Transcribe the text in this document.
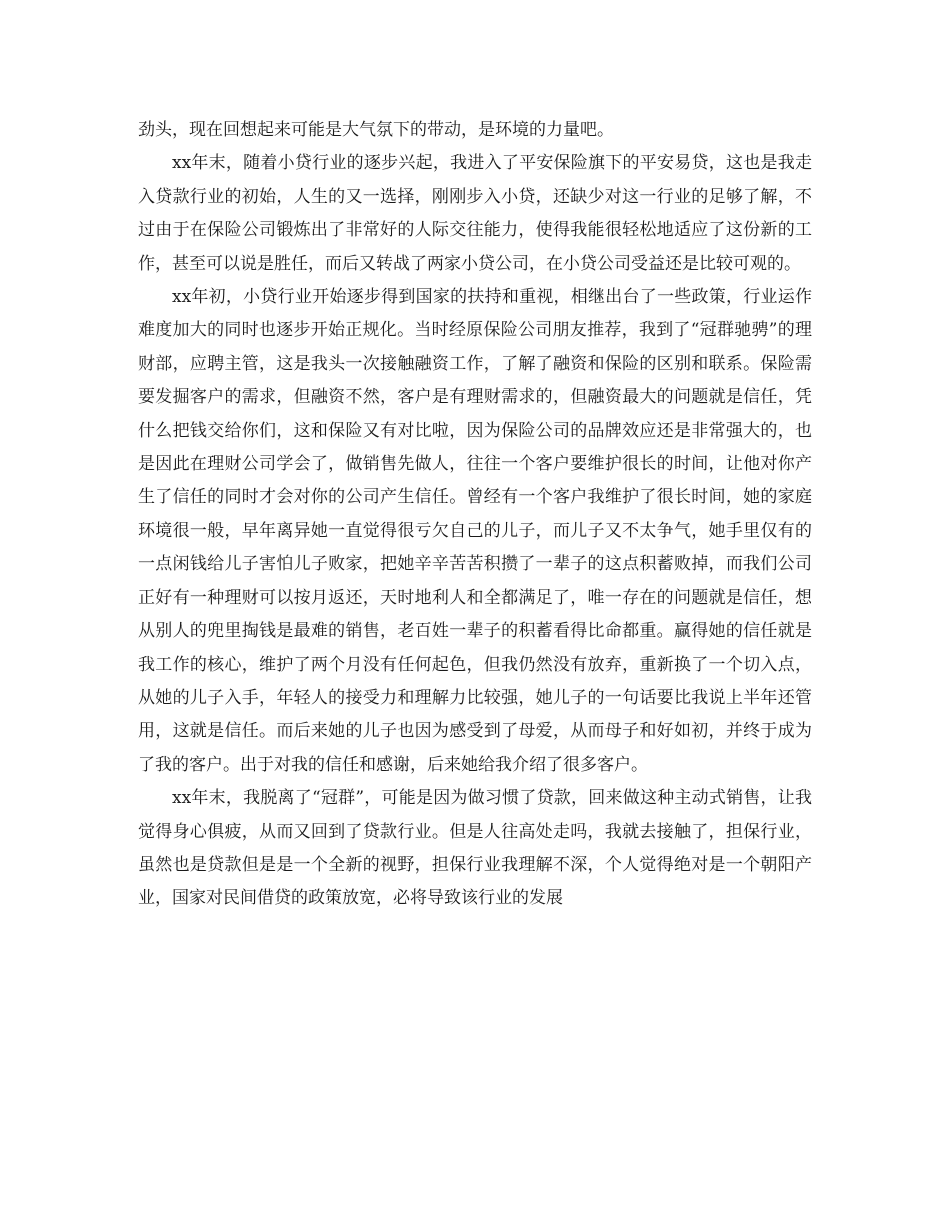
劲头，现在回想起来可能是大气氛下的带动，是环境的力量吧。

xx年末，随着小贷行业的逐步兴起，我进入了平安保险旗下的平安易贷，这也是我走入贷款行业的初始，人生的又一选择，刚刚步入小贷，还缺少对这一行业的足够了解，不过由于在保险公司锻炼出了非常好的人际交往能力，使得我能很轻松地适应了这份新的工作，甚至可以说是胜任，而后又转战了两家小贷公司，在小贷公司受益还是比较可观的。

xx年初，小贷行业开始逐步得到国家的扶持和重视，相继出台了一些政策，行业运作难度加大的同时也逐步开始正规化。当时经原保险公司朋友推荐，我到了“冠群驰骋”的理财部，应聘主管，这是我头一次接触融资工作，了解了融资和保险的区别和联系。保险需要发掘客户的需求，但融资不然，客户是有理财需求的，但融资最大的问题就是信任，凭什么把钱交给你们，这和保险又有对比啦，因为保险公司的品牌效应还是非常强大的，也是因此在理财公司学会了，做销售先做人，往往一个客户要维护很长的时间，让他对你产生了信任的同时才会对你的公司产生信任。曾经有一个客户我维护了很长时间，她的家庭环境很一般，早年离异她一直觉得很亏欠自己的儿子，而儿子又不太争气，她手里仅有的一点闲钱给儿子害怕儿子败家，把她辛辛苦苦积攒了一辈子的这点积蓄败掉，而我们公司正好有一种理财可以按月返还，天时地利人和全都满足了，唯一存在的问题就是信任，想从别人的兜里掏钱是最难的销售，老百姓一辈子的积蓄看得比命都重。赢得她的信任就是我工作的核心，维护了两个月没有任何起色，但我仍然没有放弃，重新换了一个切入点，从她的儿子入手，年轻人的接受力和理解力比较强，她儿子的一句话要比我说上半年还管用，这就是信任。而后来她的儿子也因为感受到了母爱，从而母子和好如初，并终于成为了我的客户。出于对我的信任和感谢，后来她给我介绍了很多客户。

xx年末，我脱离了“冠群”，可能是因为做习惯了贷款，回来做这种主动式销售，让我觉得身心俱疲，从而又回到了贷款行业。但是人往高处走吗，我就去接触了，担保行业，虽然也是贷款但是是一个全新的视野，担保行业我理解不深，个人觉得绝对是一个朝阳产业，国家对民间借贷的政策放宽，必将导致该行业的发展
